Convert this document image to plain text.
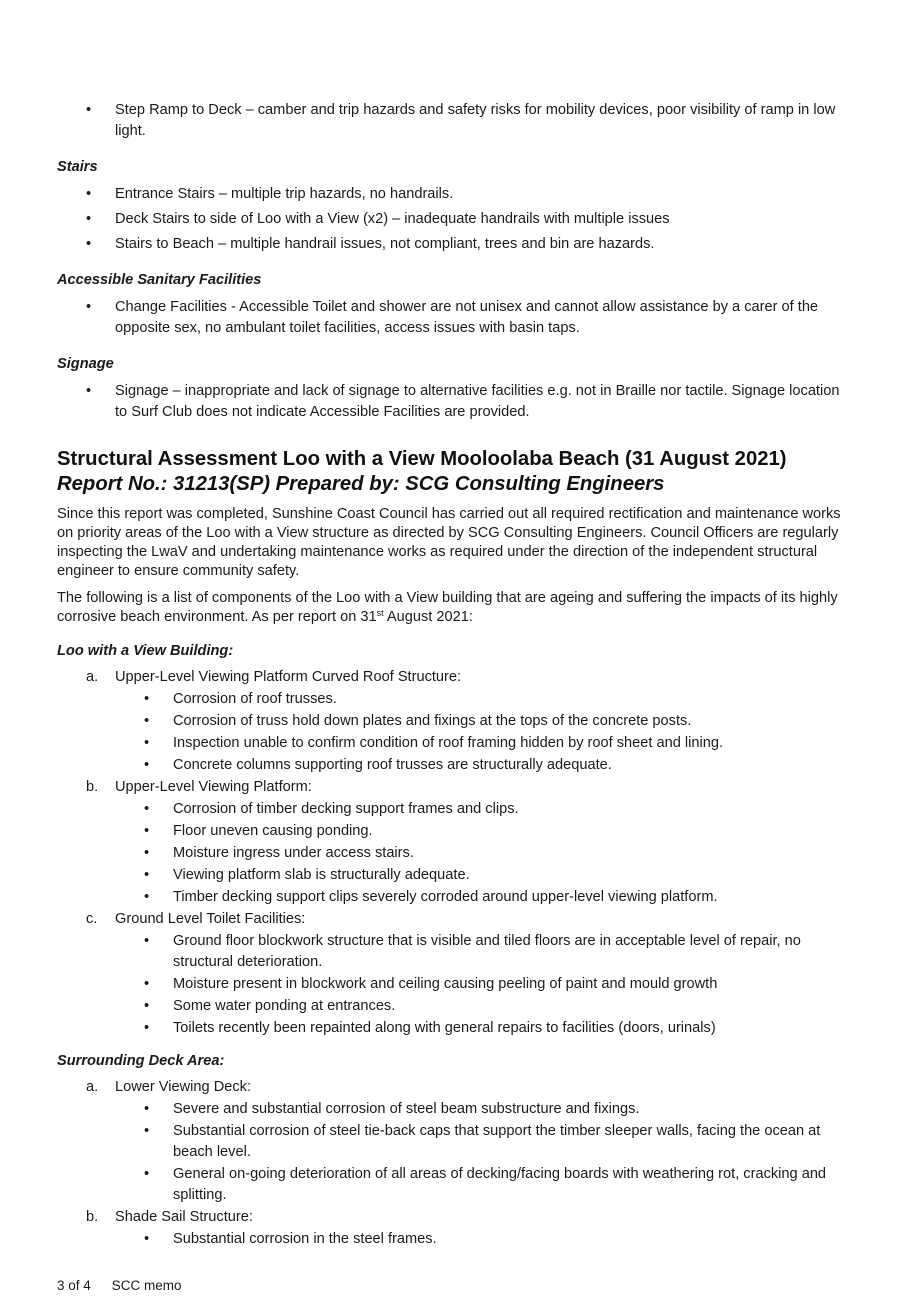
• Step Ramp to Deck – camber and trip hazards and safety risks for mobility devices, poor visibility of ramp in low light.
Stairs
• Entrance Stairs – multiple trip hazards, no handrails.
• Deck Stairs to side of Loo with a View (x2) – inadequate handrails with multiple issues
• Stairs to Beach – multiple handrail issues, not compliant, trees and bin are hazards.
Accessible Sanitary Facilities
• Change Facilities - Accessible Toilet and shower are not unisex and cannot allow assistance by a carer of the opposite sex, no ambulant toilet facilities, access issues with basin taps.
Signage
• Signage – inappropriate and lack of signage to alternative facilities e.g. not in Braille nor tactile. Signage location to Surf Club does not indicate Accessible Facilities are provided.
Structural Assessment Loo with a View Mooloolaba Beach (31 August 2021)
Report No.: 31213(SP) Prepared by: SCG Consulting Engineers

Since this report was completed, Sunshine Coast Council has carried out all required rectification and maintenance works on priority areas of the Loo with a View structure as directed by SCG Consulting Engineers. Council Officers are regularly inspecting the LwaV and undertaking maintenance works as required under the direction of the independent structural engineer to ensure community safety.

The following is a list of components of the Loo with a View building that are ageing and suffering the impacts of its highly corrosive beach environment. As per report on 31st August 2021:

Loo with a View Building:
a. Upper-Level Viewing Platform Curved Roof Structure:
• Corrosion of roof trusses.
• Corrosion of truss hold down plates and fixings at the tops of the concrete posts.
• Inspection unable to confirm condition of roof framing hidden by roof sheet and lining.
• Concrete columns supporting roof trusses are structurally adequate.
b. Upper-Level Viewing Platform:
• Corrosion of timber decking support frames and clips.
• Floor uneven causing ponding.
• Moisture ingress under access stairs.
• Viewing platform slab is structurally adequate.
• Timber decking support clips severely corroded around upper-level viewing platform.
c. Ground Level Toilet Facilities:
• Ground floor blockwork structure that is visible and tiled floors are in acceptable level of repair, no structural deterioration.
• Moisture present in blockwork and ceiling causing peeling of paint and mould growth
• Some water ponding at entrances.
• Toilets recently been repainted along with general repairs to facilities (doors, urinals)
Surrounding Deck Area:
a. Lower Viewing Deck:
• Severe and substantial corrosion of steel beam substructure and fixings.
• Substantial corrosion of steel tie-back caps that support the timber sleeper walls, facing the ocean at beach level.
• General on-going deterioration of all areas of decking/facing boards with weathering rot, cracking and splitting.
b. Shade Sail Structure:
• Substantial corrosion in the steel frames.
3 of 4 SCC memo
